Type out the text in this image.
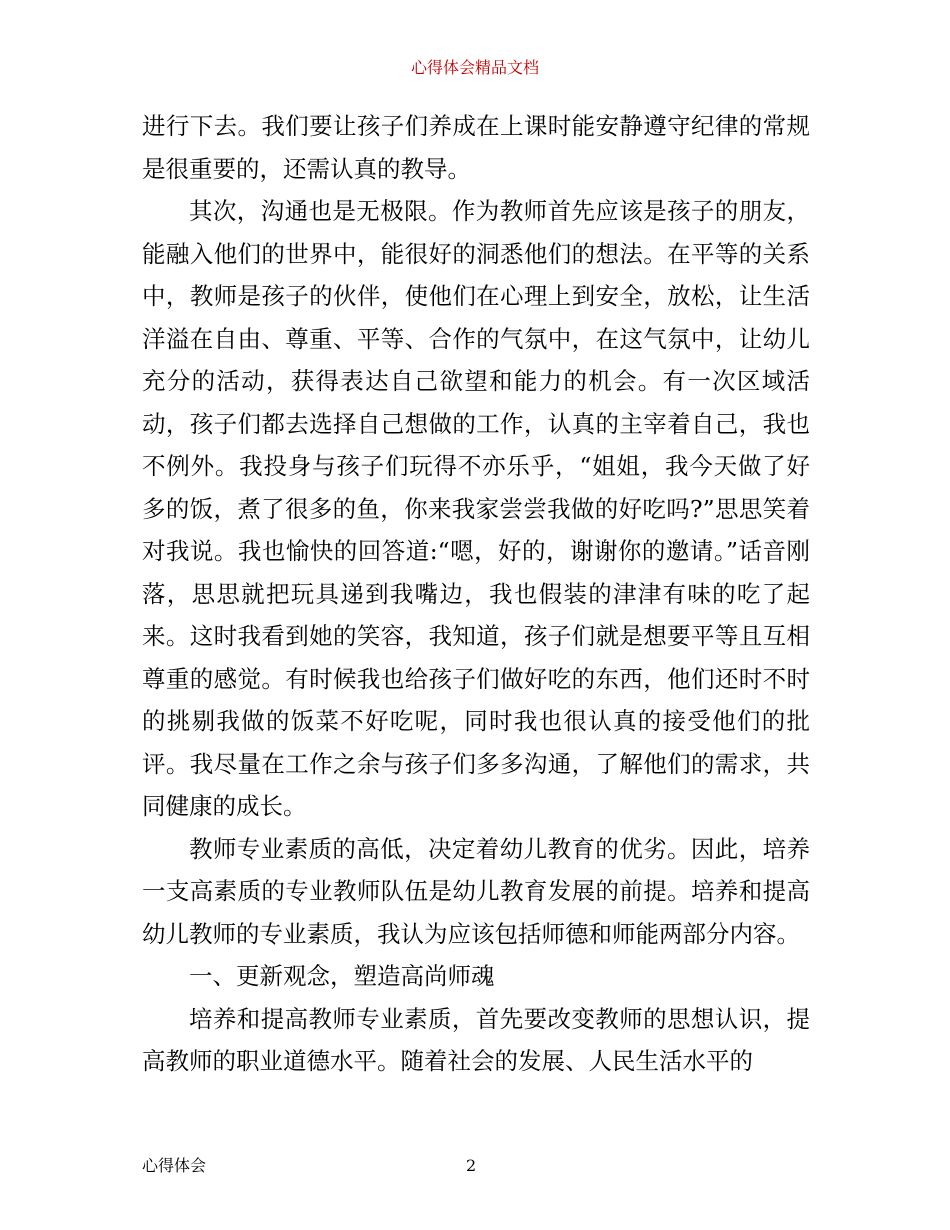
心得体会精品文档

进行下去。我们要让孩子们养成在上课时能安静遵守纪律的常规是很重要的，还需认真的教导。

其次，沟通也是无极限。作为教师首先应该是孩子的朋友，能融入他们的世界中，能很好的洞悉他们的想法。在平等的关系中，教师是孩子的伙伴，使他们在心理上到安全，放松，让生活洋溢在自由、尊重、平等、合作的气氛中，在这气氛中，让幼儿充分的活动，获得表达自己欲望和能力的机会。有一次区域活动，孩子们都去选择自己想做的工作，认真的主宰着自己，我也不例外。我投身与孩子们玩得不亦乐乎，“姐姐，我今天做了好多的饭，煮了很多的鱼，你来我家尝尝我做的好吃吗?”思思笑着对我说。我也愉快的回答道:“嗯，好的，谢谢你的邀请。”话音刚落，思思就把玩具递到我嘴边，我也假装的津津有味的吃了起来。这时我看到她的笑容，我知道，孩子们就是想要平等且互相尊重的感觉。有时候我也给孩子们做好吃的东西，他们还时不时的挑剔我做的饭菜不好吃呢，同时我也很认真的接受他们的批评。我尽量在工作之余与孩子们多多沟通，了解他们的需求，共同健康的成长。

教师专业素质的高低，决定着幼儿教育的优劣。因此，培养一支高素质的专业教师队伍是幼儿教育发展的前提。培养和提高幼儿教师的专业素质，我认为应该包括师德和师能两部分内容。

一、更新观念，塑造高尚师魂

培养和提高教师专业素质，首先要改变教师的思想认识，提高教师的职业道德水平。随着社会的发展、人民生活水平的

心得体会	2
